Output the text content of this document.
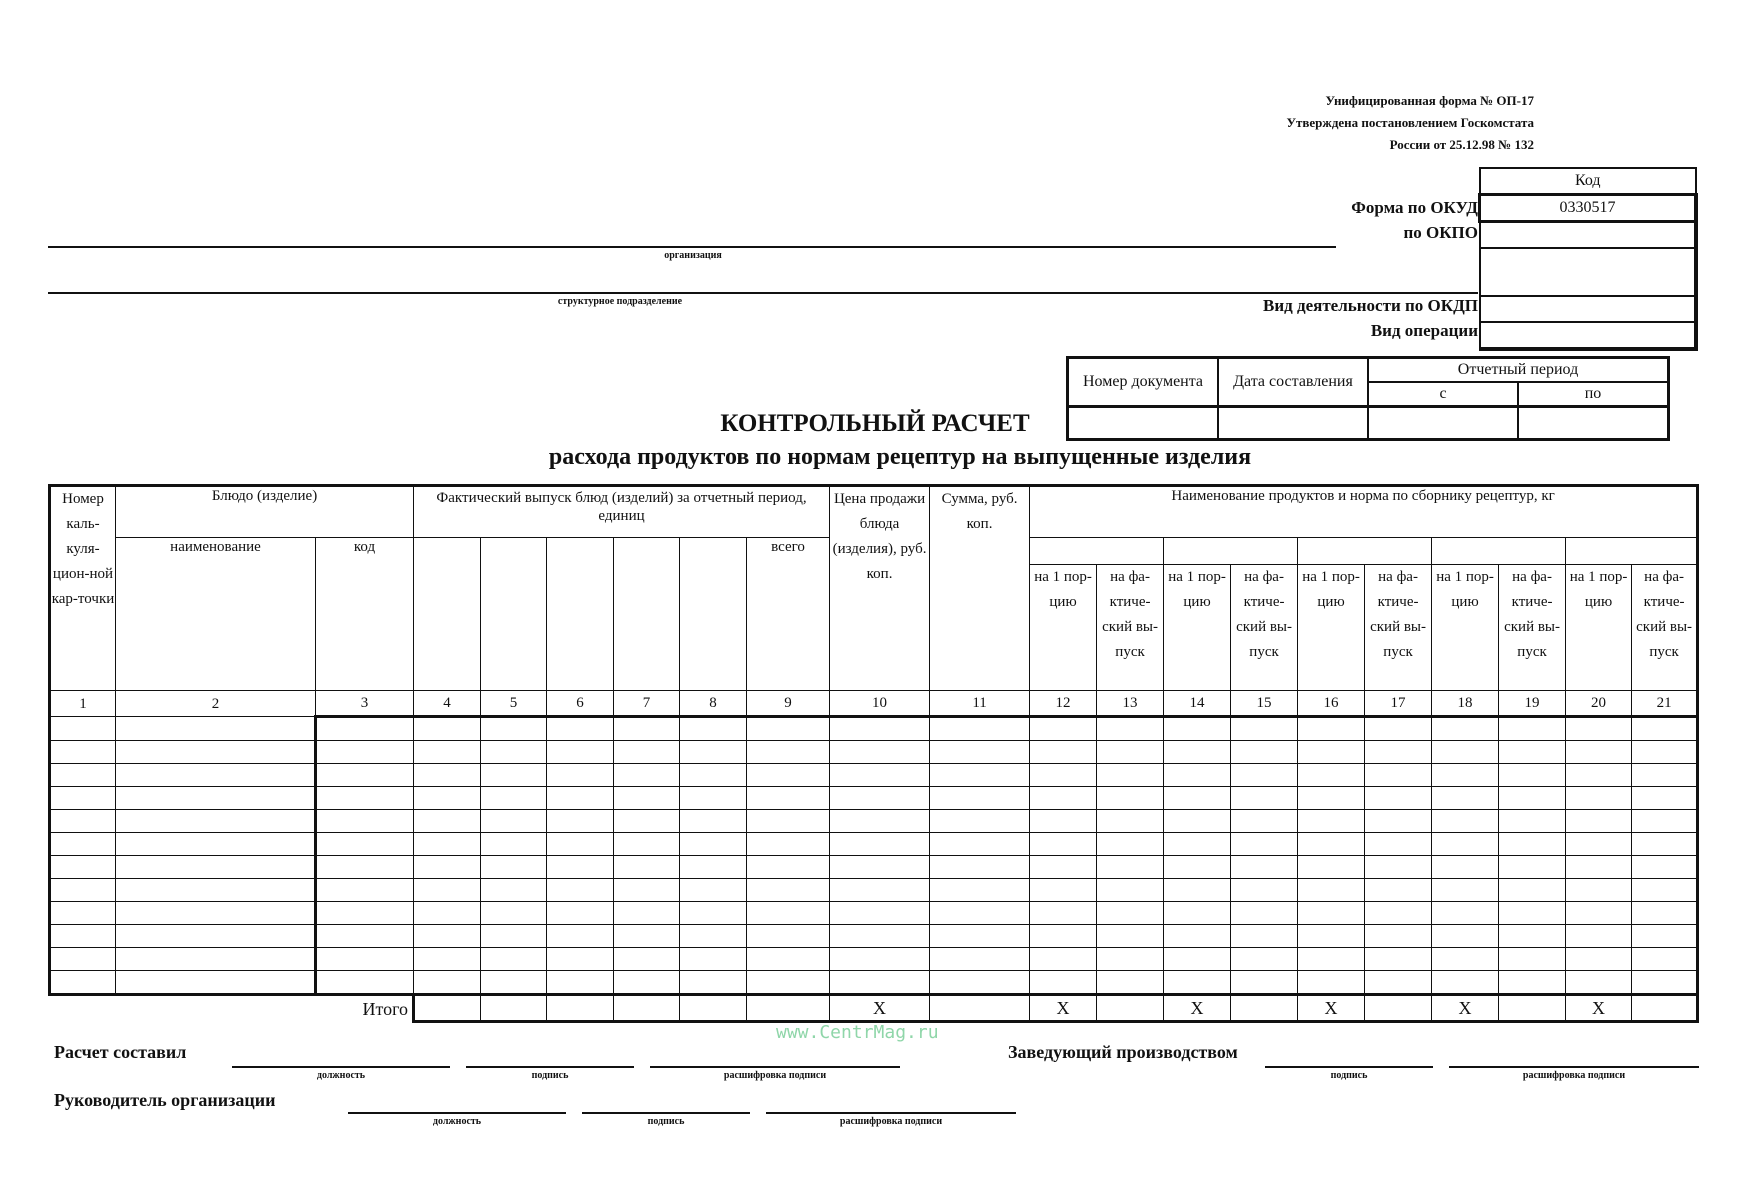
Унифицированная форма № ОП-17
Утверждена постановлением Госкомстата
России от 25.12.98 № 132
Код
0330517

Форма по ОКУД
по ОКПО
Вид деятельности по ОКДП
Вид операции
организация
структурное подразделение
Номер документа	Дата составления	Отчетный период	
		с	по

КОНТРОЛЬНЫЙ РАСЧЕТ
расхода продуктов по нормам рецептур на выпущенные изделия
Номер каль-куля-цион-ной кар-точки	Блюдо (изделие)		Фактический выпуск блюд (изделий) за отчетный период, единиц						Цена продажи блюда (изделия), руб. коп.	Сумма, руб. коп.	Наименование продуктов и норма по сборнику рецептур, кг									
	наименование	код						всего												
											на 1 пор-цию	на фа-ктиче-ский вы-пуск	на 1 пор-цию	на фа-ктиче-ский вы-пуск	на 1 пор-цию	на фа-ктиче-ский вы-пуск	на 1 пор-цию	на фа-ктиче-ский вы-пуск	на 1 пор-цию	на фа-ктиче-ский вы-пуск
1	2	3	4	5	6	7	8	9	10	11	12	13	14	15	16	17	18	19	20	21

Итого									Х		Х		Х		Х		Х		Х	
www.CentrMag.ru
Расчет составил
должность	подпись	расшифровка подписи
Заведующий производством
подпись	расшифровка подписи
Руководитель организации
должность	подпись	расшифровка подписи
